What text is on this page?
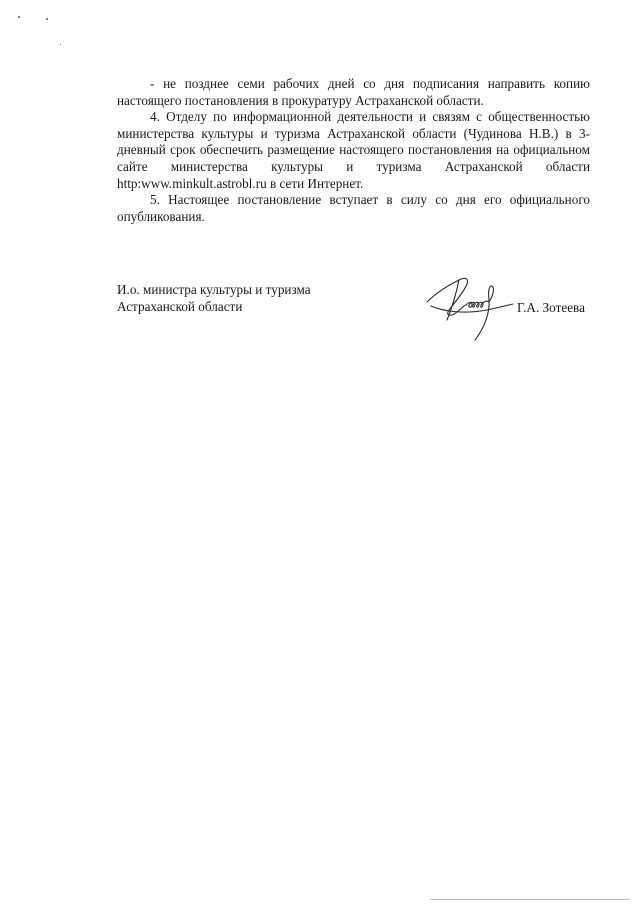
- не позднее семи рабочих дней со дня подписания направить копию настоящего постановления в прокуратуру Астраханской области.

4. Отделу по информационной деятельности и связям с общественностью министерства культуры и туризма Астраханской области (Чудинова Н.В.) в 3- дневный срок обеспечить размещение настоящего постановления на официальном сайте министерства культуры и туризма Астраханской области http:www.minkult.astrobl.ru в сети Интернет.

5. Настоящее постановление вступает в силу со дня его официального опубликования.

И.о. министра культуры и туризма
Астраханской области	Г.А. Зотеева
